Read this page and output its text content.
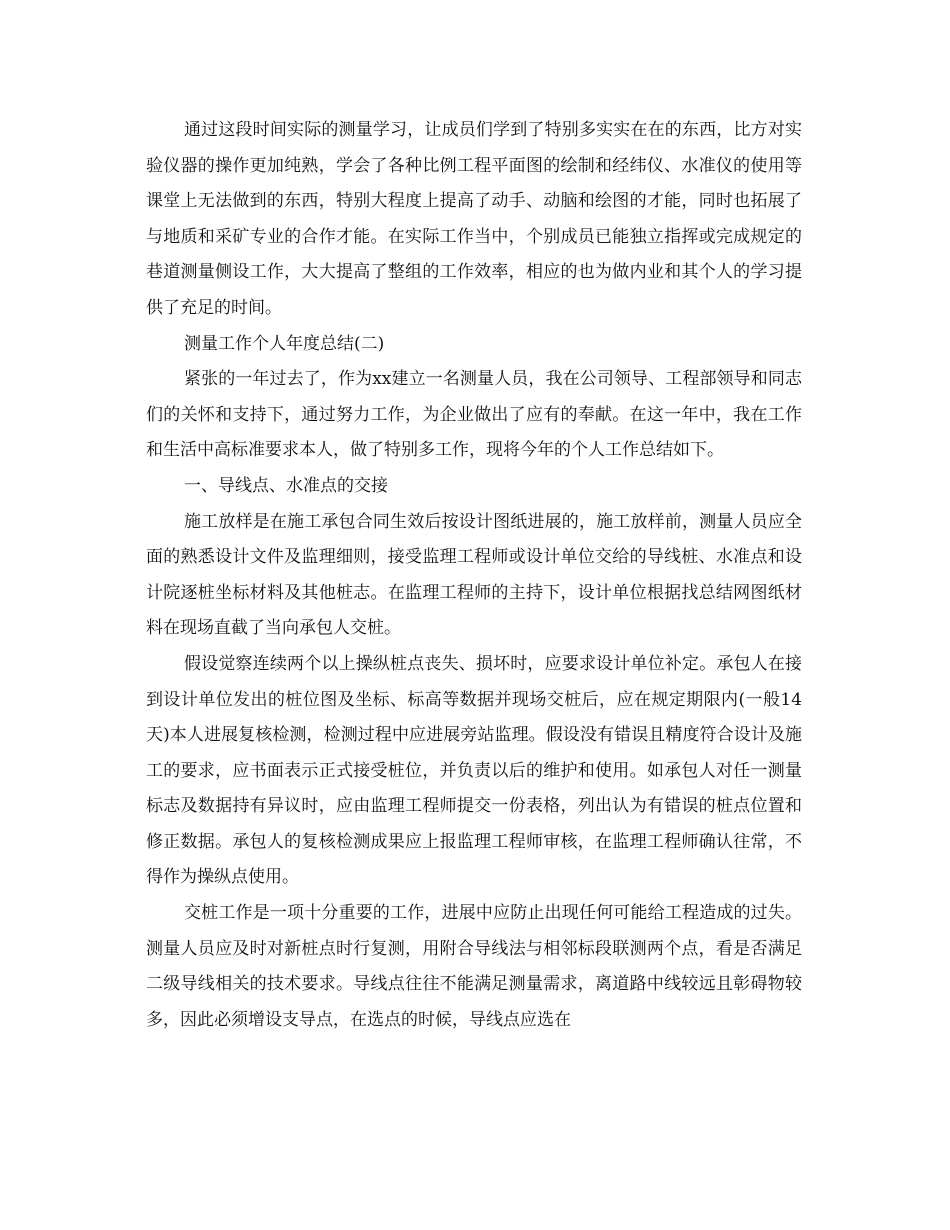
通过这段时间实际的测量学习，让成员们学到了特别多实实在在的东西，比方对实验仪器的操作更加纯熟，学会了各种比例工程平面图的绘制和经纬仪、水准仪的使用等课堂上无法做到的东西，特别大程度上提高了动手、动脑和绘图的才能，同时也拓展了与地质和采矿专业的合作才能。在实际工作当中，个别成员已能独立指挥或完成规定的巷道测量侧设工作，大大提高了整组的工作效率，相应的也为做内业和其个人的学习提供了充足的时间。

测量工作个人年度总结(二)

紧张的一年过去了，作为xx建立一名测量人员，我在公司领导、工程部领导和同志们的关怀和支持下，通过努力工作，为企业做出了应有的奉献。在这一年中，我在工作和生活中高标准要求本人，做了特别多工作，现将今年的个人工作总结如下。

一、导线点、水准点的交接

施工放样是在施工承包合同生效后按设计图纸进展的，施工放样前，测量人员应全面的熟悉设计文件及监理细则，接受监理工程师或设计单位交给的导线桩、水准点和设计院逐桩坐标材料及其他桩志。在监理工程师的主持下，设计单位根据找总结网图纸材料在现场直截了当向承包人交桩。

假设觉察连续两个以上操纵桩点丧失、损坏时，应要求设计单位补定。承包人在接到设计单位发出的桩位图及坐标、标高等数据并现场交桩后，应在规定期限内(一般14天)本人进展复核检测，检测过程中应进展旁站监理。假设没有错误且精度符合设计及施工的要求，应书面表示正式接受桩位，并负责以后的维护和使用。如承包人对任一测量标志及数据持有异议时，应由监理工程师提交一份表格，列出认为有错误的桩点位置和修正数据。承包人的复核检测成果应上报监理工程师审核，在监理工程师确认往常，不得作为操纵点使用。

交桩工作是一项十分重要的工作，进展中应防止出现任何可能给工程造成的过失。测量人员应及时对新桩点时行复测，用附合导线法与相邻标段联测两个点，看是否满足二级导线相关的技术要求。导线点往往不能满足测量需求，离道路中线较远且彰碍物较多，因此必须增设支导点，在选点的时候，导线点应选在
